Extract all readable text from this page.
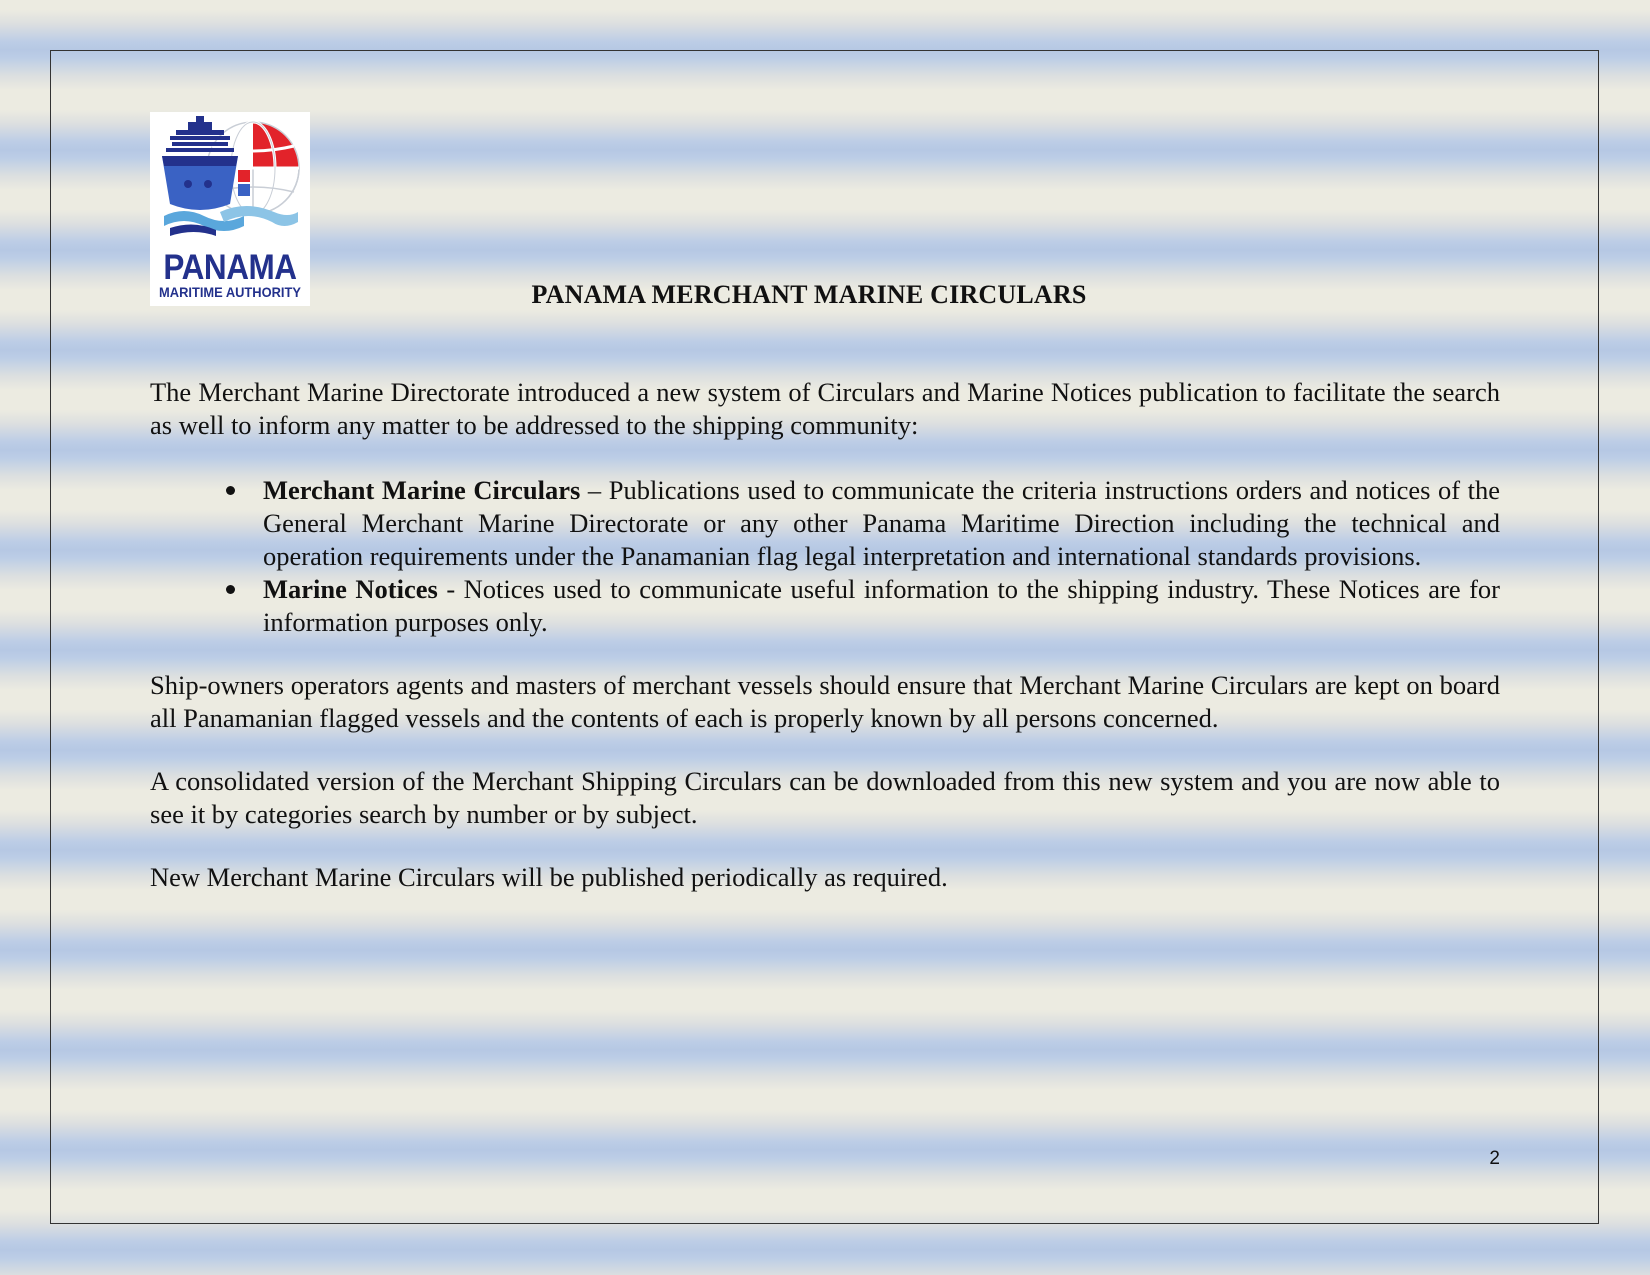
PANAMA
MARITIME AUTHORITY	PANAMA MERCHANT MARINE CIRCULARS

The Merchant Marine Directorate introduced a new system of Circulars and Marine Notices publication to facilitate the search as well to inform any matter to be addressed to the shipping community:

Merchant Marine Circulars – Publications used to communicate the criteria instructions orders and notices of the General Merchant Marine Directorate or any other Panama Maritime Direction including the technical and operation requirements under the Panamanian flag legal interpretation and international standards provisions.
Marine Notices - Notices used to communicate useful information to the shipping industry. These Notices are for information purposes only.

Ship-owners operators agents and masters of merchant vessels should ensure that Merchant Marine Circulars are kept on board all Panamanian flagged vessels and the contents of each is properly known by all persons concerned.

A consolidated version of the Merchant Shipping Circulars can be downloaded from this new system and you are now able to see it by categories search by number or by subject.

New Merchant Marine Circulars will be published periodically as required.

2
